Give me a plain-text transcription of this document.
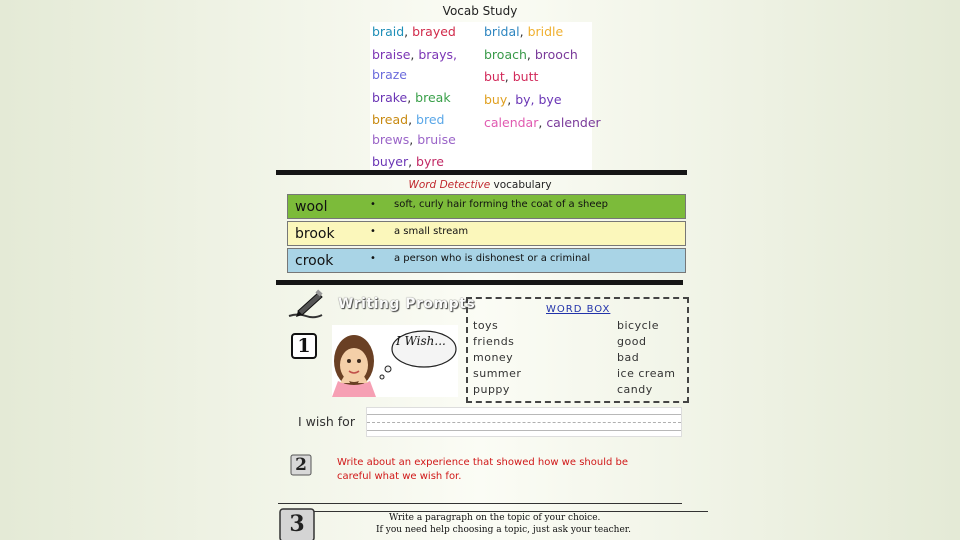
Vocab Study
braid, brayed
braise, brays,
braze
brake, break
bread, bred
brews, bruise
buyer, byre
bridal, bridle
broach, brooch
but, butt
buy, by, bye
calendar, calender
Word Detective vocabulary
wool	• soft, curly hair forming the coat of a sheep
brook	• a small stream
crook	• a person who is dishonest or a criminal
Writing Prompts
1	I Wish...
WORD BOX
toys
friends
money
summer
puppy
bicycle
good
bad
ice cream
candy
I wish for
2	Write about an experience that showed how we should be careful what we wish for.
3	Write a paragraph on the topic of your choice.
If you need help choosing a topic, just ask your teacher.
